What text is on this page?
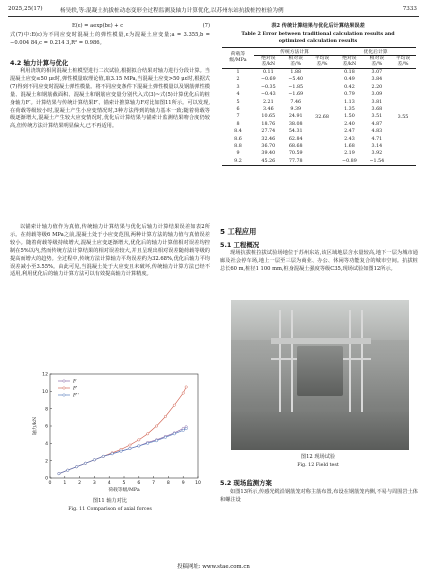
2025,25(17)	杨昊轶,等:混凝土抗拔桩动态变形全过程监测及轴力计算优化,以苏州东站抗拔桩控桩验为例	7333
E(ε) = aexp(bε) + c	(7)
式(7)中:E(ε)为不同应变时混凝土的弹性模量,ε为混凝土应变量;a = 3.355,b = −0.004 84,c = 0.214 3,R² = 0.986。
4.2 轴力计算与优化
利用浇筑的相同混凝土桩模型进行二次试验,根据拟合结果对轴力进行分段计算。当混凝土应变≤50 με时,弹性模量取理论值,取3.15 MPa,当混凝土应变>50 με时,根据式(7)得到不同应变时混凝土弹性模量。将不同应变条件下混凝土弹性模量以及钢筋弹性模量、混凝土和钢筋截面积、混凝土和钢筋应变量分别代入式(3)~式(5)计算优化后的桩身轴力F′。计算结果与传统计算结果F′、锚索计推算轴力F对比如图11所示。可以发现,在荷载等级较小时,混凝土产生小应变情况时,3种方法得到的轴力基本一致;随着荷载等级逐渐增大,混凝土产生较大应变情况时,优化后计算结果与锚索计监测结果吻合度仍较高,但传统方法计算结果明显偏大,已不再适用。
以锚索计轴力值作为真值,传统轴力计算结果与优化后轴力计算结果误差如表2所示。在荷载等级6 MPa之前,混凝土处于小应变范围,两种计算方法的轴力值与真值误差较小。随着荷载等级持续增大,混凝土应变逐渐增大,优化后的轴力计算值相对误差均控制在5%以内,然而传统方法计算结果的相对误差较大,并且呈现出相对误差随荷载等级的提高而增大的趋势。全过程中,传统方法计算轴力平均误差约为32.68%,优化后轴力平均误差减小至3.55%。由此可见,当混凝土处于大应变且未破坏,传统轴力计算方法已经不适用,利用优化后的轴力计算方法可以有效提高轴力计算精度。
0	1	2	3	4	5	6	7	8	9 10
0
2
4
6
8
10
12
荷载等级/MPa
轴力/kN
F
F'
F''
图11 轴力对比
Fig. 11 Comparison of axial forces
表2 传统计算结果与优化后计算结果误差
Table 2 Error between traditional calculation results and
optimized calculation results
荷载等级/MPa	传统方法计算			优化后计算		
	绝对误差/kN	相对误差/%	平均误差/%	绝对误差/kN	相对误差/%	平均误差/%
1	0.11	1.88	32.68	0.18	3.07	3.55
2	−0.69	−5.40		0.49	3.84	
3	−0.35	−1.85		0.42	2.20	
4	−0.43	−1.69		0.79	3.09	
5	2.21	7.46		1.13	3.81	
6	3.46	9.39		1.35	3.68	
7	10.65	24.91		1.50	3.51	
8	18.76	38.08		2.40	4.87	
8.4	27.74	54.31		2.47	4.83	
8.6	32.46	62.84		2.43	4.71	
8.8	36.70	68.68		1.68	3.14	
9	39.40	70.59		2.19	3.92	
9.2	45.26	77.78		−0.89	−1.54	
5 工程应用
5.1 工程概况
现场抗拔桩拉拔试验场地位于苏州东站,该区域地层含水量较高,地下一层为城市通廊及社会停车场,地上一层至三层为商业、办公、休闲等功能复合的城市空间。抗拔桩总长60 m,桩径1 100 mm,桩身混凝土强度等级C35,现场试验如图12所示。
图12 现场试验
Fig. 12 Field test
5.2 现场监测方案
如图13所示,传感光缆沿钢筋笼对称主筋布置,布设在钢筋笼内侧,不易与周围岩土体和螺注设
投稿网址: www.stae.com.cn
